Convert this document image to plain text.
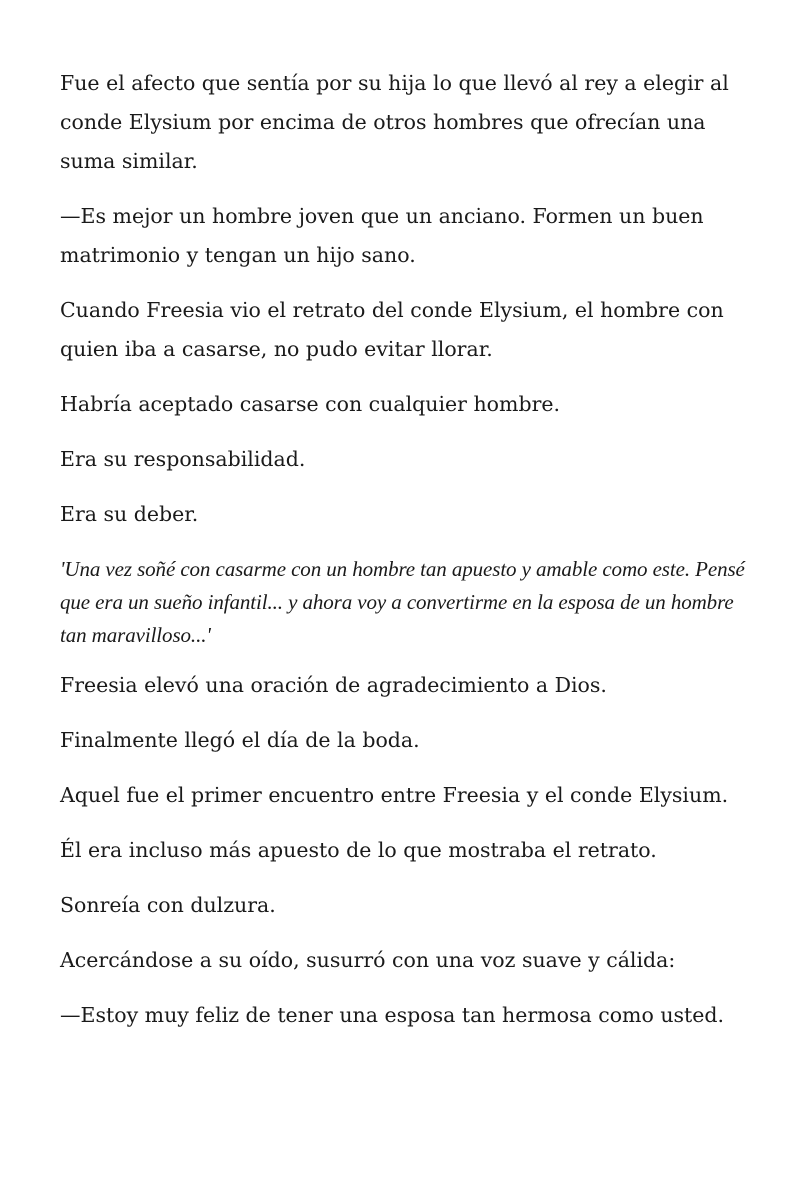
Fue el afecto que sentía por su hija lo que llevó al rey a elegir al conde Elysium por encima de otros hombres que ofrecían una suma similar.

—Es mejor un hombre joven que un anciano. Formen un buen matrimonio y tengan un hijo sano.

Cuando Freesia vio el retrato del conde Elysium, el hombre con quien iba a casarse, no pudo evitar llorar.

Habría aceptado casarse con cualquier hombre.

Era su responsabilidad.

Era su deber.

'Una vez soñé con casarme con un hombre tan apuesto y amable como este. Pensé que era un sueño infantil... y ahora voy a convertirme en la esposa de un hombre tan maravilloso...'

Freesia elevó una oración de agradecimiento a Dios.

Finalmente llegó el día de la boda.

Aquel fue el primer encuentro entre Freesia y el conde Elysium.

Él era incluso más apuesto de lo que mostraba el retrato.

Sonreía con dulzura.

Acercándose a su oído, susurró con una voz suave y cálida:

—Estoy muy feliz de tener una esposa tan hermosa como usted.
